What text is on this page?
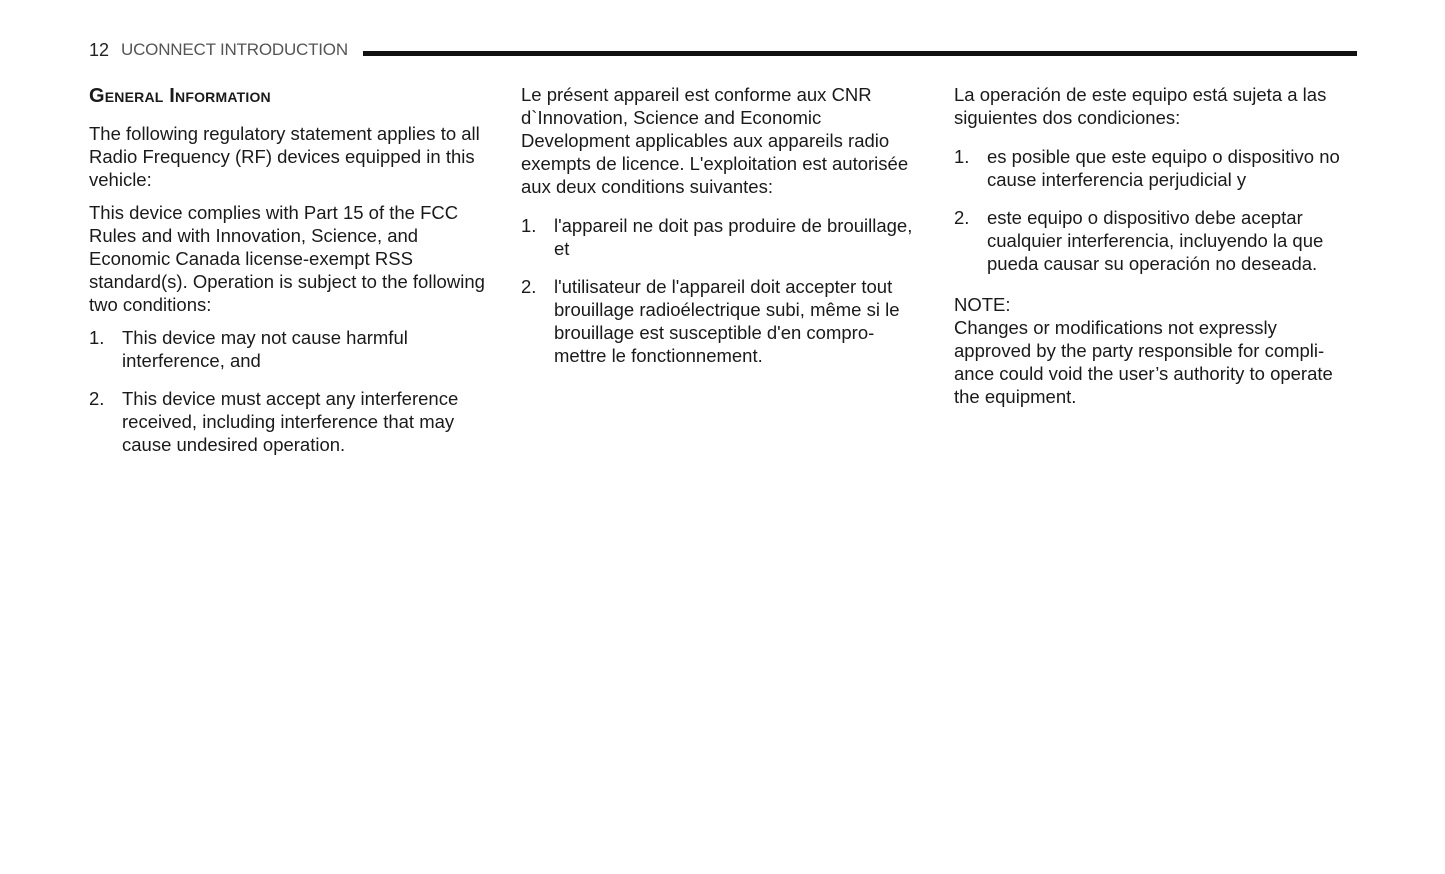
12 UCONNECT INTRODUCTION
General Information

The following regulatory statement applies to all Radio Frequency (RF) devices equipped in this vehicle:

This device complies with Part 15 of the FCC Rules and with Innovation, Science, and Economic Canada license-exempt RSS standard(s). Operation is subject to the following two conditions:

1. This device may not cause harmful interference, and
2. This device must accept any interference received, including interference that may cause undesired operation.

Le présent appareil est conforme aux CNR d`Innovation, Science and Economic Development applicables aux appareils radio exempts de licence. L'exploitation est autorisée aux deux conditions suivantes:

1. l'appareil ne doit pas produire de brouillage, et
2. l'utilisateur de l'appareil doit accepter tout brouillage radioélectrique subi, même si le brouillage est susceptible d'en compro-mettre le fonctionnement.

La operación de este equipo está sujeta a las siguientes dos condiciones:

1. es posible que este equipo o dispositivo no cause interferencia perjudicial y
2. este equipo o dispositivo debe aceptar cualquier interferencia, incluyendo la que pueda causar su operación no deseada.
NOTE:

Changes or modifications not expressly approved by the party responsible for compli-ance could void the user’s authority to operate the equipment.
